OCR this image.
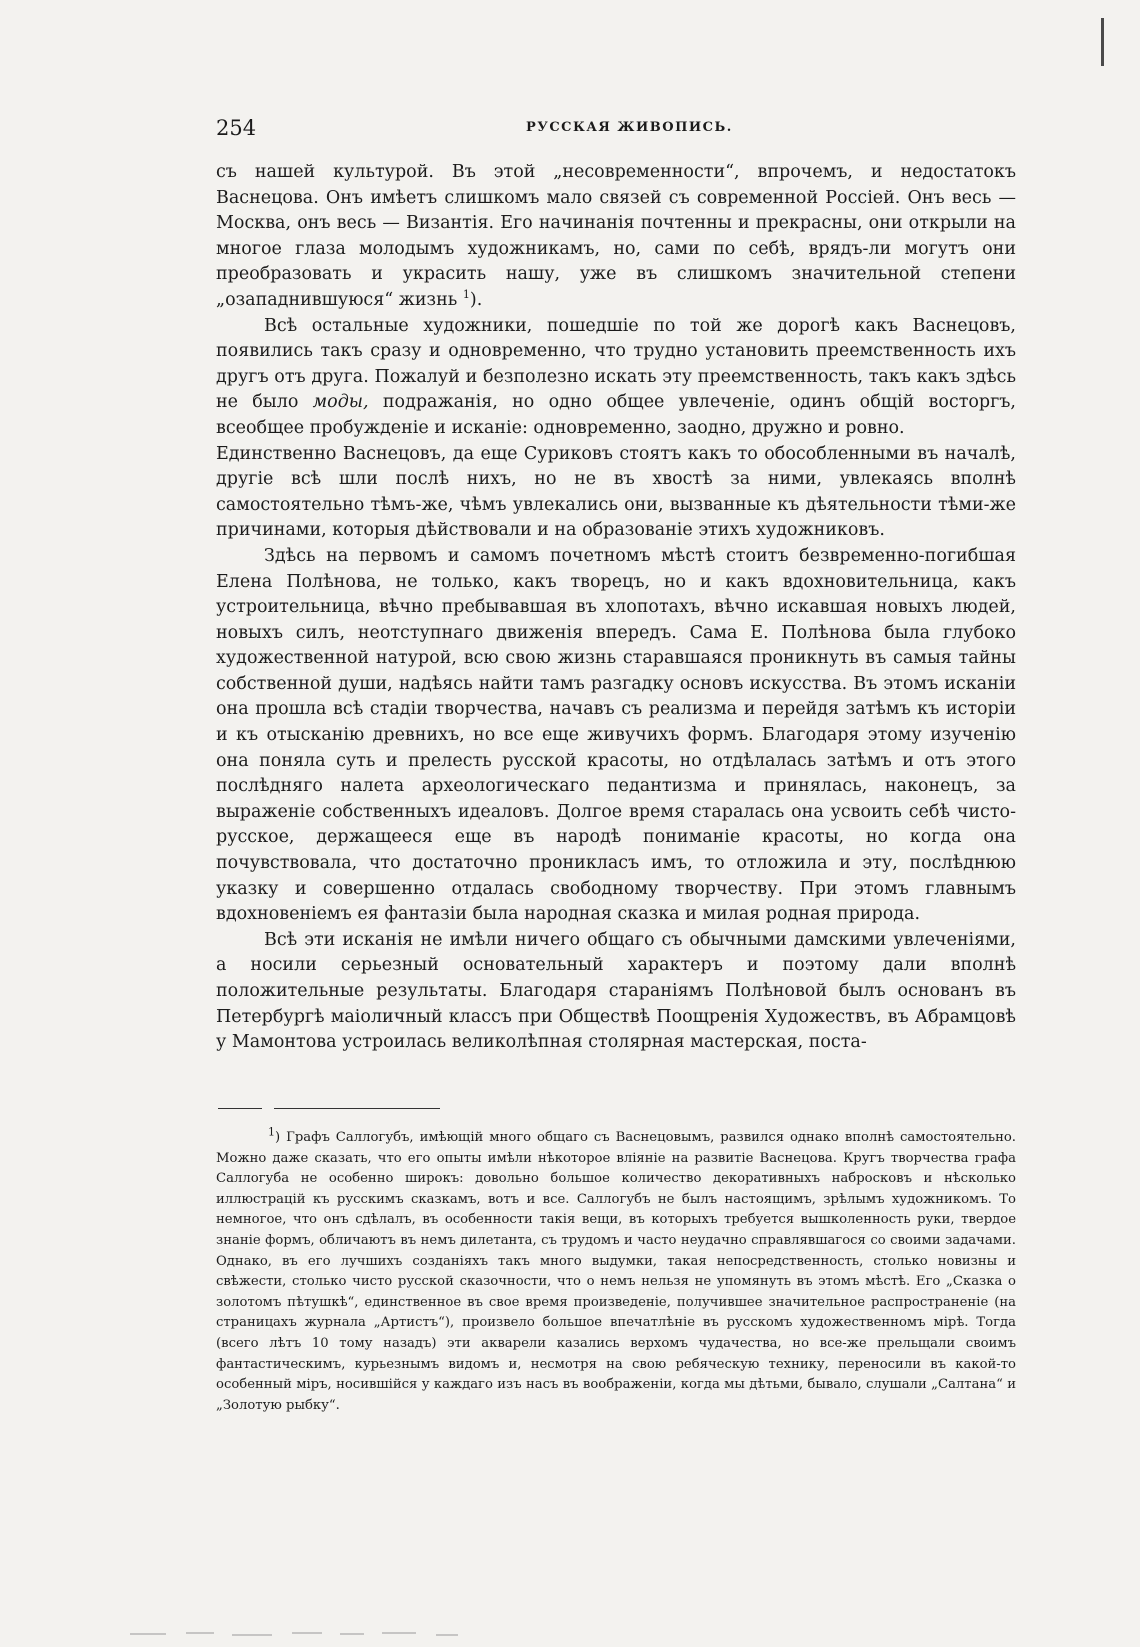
254	РУССКАЯ ЖИВОПИСЬ.

съ нашей культурой. Въ этой „несовременности“, впрочемъ, и недостатокъ Васнецова. Онъ имѣетъ слишкомъ мало связей съ современной Россіей. Онъ весь — Москва, онъ весь — Византія. Его начинанія почтенны и прекрасны, они открыли на многое глаза молодымъ художникамъ, но, сами по себѣ, врядъ-ли могутъ они преобразовать и украсить нашу, уже въ слишкомъ значительной степени „озападнившуюся“ жизнь $^1$).

Всѣ остальные художники, пошедшіе по той же дорогѣ какъ Васнецовъ, появились такъ сразу и одновременно, что трудно установить преемственность ихъ другъ отъ друга. Пожалуй и безполезно искать эту преемственность, такъ какъ здѣсь не было моды, подражанія, но одно общее увлеченіе, одинъ общій восторгъ, всеобщее пробужденіе и исканіе: одновременно, заодно, дружно и ровно.

Единственно Васнецовъ, да еще Суриковъ стоятъ какъ то обособленными въ началѣ, другіе всѣ шли послѣ нихъ, но не въ хвостѣ за ними, увлекаясь вполнѣ самостоятельно тѣмъ-же, чѣмъ увлекались они, вызванные къ дѣятельности тѣми-же причинами, которыя дѣйствовали и на образованіе этихъ художниковъ.

Здѣсь на первомъ и самомъ почетномъ мѣстѣ стоитъ безвременно-погибшая Елена Полѣнова, не только, какъ творецъ, но и какъ вдохновительница, какъ устроительница, вѣчно пребывавшая въ хлопотахъ, вѣчно искавшая новыхъ людей, новыхъ силъ, неотступнаго движенія впередъ. Сама Е. Полѣнова была глубоко художественной натурой, всю свою жизнь старавшаяся проникнуть въ самыя тайны собственной души, надѣясь найти тамъ разгадку основъ искусства. Въ этомъ исканіи она прошла всѣ стадіи творчества, начавъ съ реализма и перейдя затѣмъ къ исторіи и къ отысканію древнихъ, но все еще живучихъ формъ. Благодаря этому изученію она поняла суть и прелесть русской красоты, но отдѣлалась затѣмъ и отъ этого послѣдняго налета археологическаго педантизма и принялась, наконецъ, за выраженіе собственныхъ идеаловъ. Долгое время старалась она усвоить себѣ чисто-русское, держащееся еще въ народѣ пониманіе красоты, но когда она почувствовала, что достаточно проникласъ имъ, то отложила и эту, послѣднюю указку и совершенно отдалась свободному творчеству. При этомъ главнымъ вдохновеніемъ ея фантазіи была народная сказка и милая родная природа.

Всѣ эти исканія не имѣли ничего общаго съ обычными дамскими увлеченіями, а носили серьезный основательный характеръ и поэтому дали вполнѣ положительные результаты. Благодаря стараніямъ Полѣновой былъ основанъ въ Петербургѣ маіоличный классъ при Обществѣ Поощренія Художествъ, въ Абрамцовѣ у Мамонтова устроилась великолѣпная столярная мастерская, поста-

$^1$) Графъ Саллогубъ, имѣющій много общаго съ Васнецовымъ, развился однако вполнѣ самостоятельно. Можно даже сказать, что его опыты имѣли нѣкоторое вліяніе на развитіе Васнецова. Кругъ творчества графа Саллогуба не особенно широкъ: довольно большое количество декоративныхъ набросковъ и нѣсколько иллюстрацій къ русскимъ сказкамъ, вотъ и все. Саллогубъ не былъ настоящимъ, зрѣлымъ художникомъ. То немногое, что онъ сдѣлалъ, въ особенности такія вещи, въ которыхъ требуется вышколенность руки, твердое знаніе формъ, обличаютъ въ немъ дилетанта, съ трудомъ и часто неудачно справлявшагося со своими задачами. Однако, въ его лучшихъ созданіяхъ такъ много выдумки, такая непосредственность, столько новизны и свѣжести, столько чисто русской сказочности, что о немъ нельзя не упомянуть въ этомъ мѣстѣ. Его „Сказка о золотомъ пѣтушкѣ“, единственное въ свое время произведеніе, получившее значительное распространеніе (на страницахъ журнала „Артистъ“), произвело большое впечатлѣніе въ русскомъ художественномъ мірѣ. Тогда (всего лѣтъ 10 тому назадъ) эти акварели казались верхомъ чудачества, но все-же прельщали своимъ фантастическимъ, курьезнымъ видомъ и, несмотря на свою ребяческую технику, переносили въ какой-то особенный міръ, носившійся у каждаго изъ насъ въ воображеніи, когда мы дѣтьми, бывало, слушали „Салтана“ и „Золотую рыбку“.
